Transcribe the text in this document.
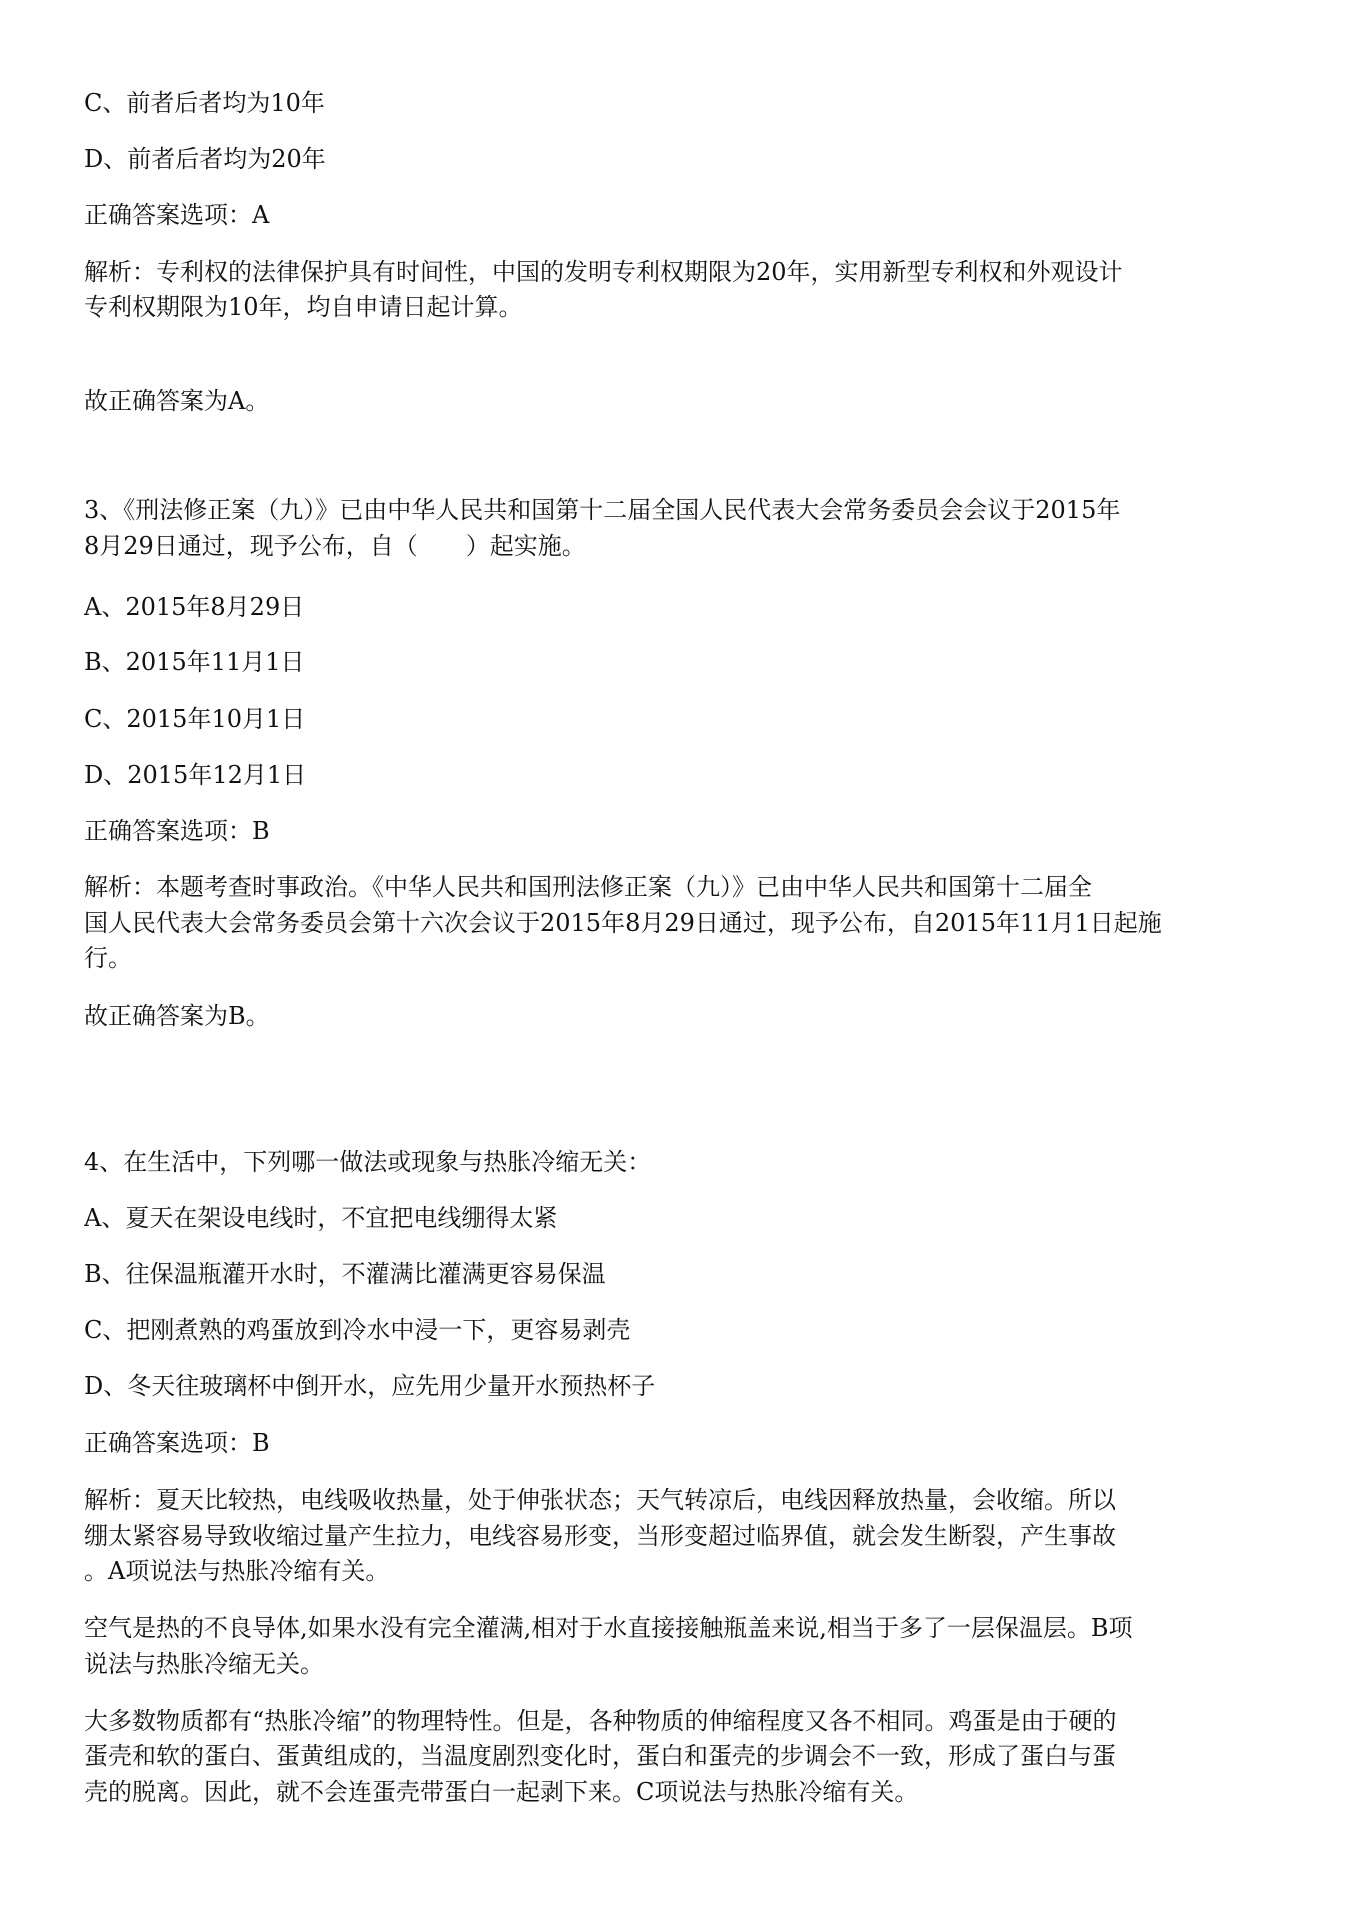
C、前者后者均为10年
D、前者后者均为20年
正确答案选项：A
解析：专利权的法律保护具有时间性，中国的发明专利权期限为20年，实用新型专利权和外观设计
专利权期限为10年，均自申请日起计算。
故正确答案为A。
3、《刑法修正案（九）》已由中华人民共和国第十二届全国人民代表大会常务委员会会议于2015年
8月29日通过，现予公布，自（　　）起实施。
A、2015年8月29日
B、2015年11月1日
C、2015年10月1日
D、2015年12月1日
正确答案选项：B
解析：本题考查时事政治。《中华人民共和国刑法修正案（九）》已由中华人民共和国第十二届全
国人民代表大会常务委员会第十六次会议于2015年8月29日通过，现予公布，自2015年11月1日起施
行。
故正确答案为B。
4、在生活中，下列哪一做法或现象与热胀冷缩无关：
A、夏天在架设电线时，不宜把电线绷得太紧
B、往保温瓶灌开水时，不灌满比灌满更容易保温
C、把刚煮熟的鸡蛋放到冷水中浸一下，更容易剥壳
D、冬天往玻璃杯中倒开水，应先用少量开水预热杯子
正确答案选项：B
解析：夏天比较热，电线吸收热量，处于伸张状态；天气转凉后，电线因释放热量，会收缩。所以
绷太紧容易导致收缩过量产生拉力，电线容易形变，当形变超过临界值，就会发生断裂，产生事故
。A项说法与热胀冷缩有关。
空气是热的不良导体,如果水没有完全灌满,相对于水直接接触瓶盖来说,相当于多了一层保温层。B项
说法与热胀冷缩无关。
大多数物质都有“热胀冷缩”的物理特性。但是，各种物质的伸缩程度又各不相同。鸡蛋是由于硬的
蛋壳和软的蛋白、蛋黄组成的，当温度剧烈变化时，蛋白和蛋壳的步调会不一致，形成了蛋白与蛋
壳的脱离。因此，就不会连蛋壳带蛋白一起剥下来。C项说法与热胀冷缩有关。
